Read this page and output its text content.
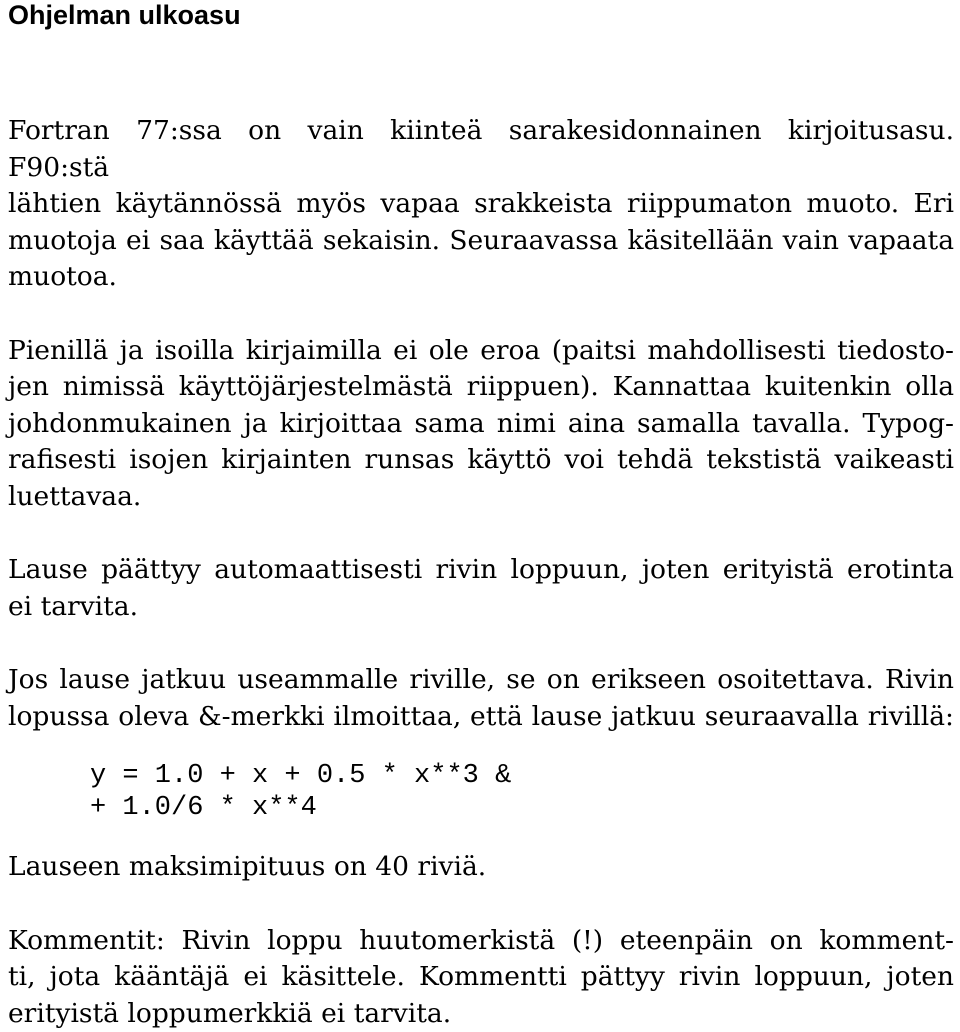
Ohjelman ulkoasu

Fortran 77:ssa on vain kiinteä sarakesidonnainen kirjoitusasu. F90:stä
lähtien käytännössä myös vapaa srakkeista riippumaton muoto. Eri
muotoja ei saa käyttää sekaisin. Seuraavassa käsitellään vain vapaata
muotoa.

Pienillä ja isoilla kirjaimilla ei ole eroa (paitsi mahdollisesti tiedosto-
jen nimissä käyttöjärjestelmästä riippuen). Kannattaa kuitenkin olla
johdonmukainen ja kirjoittaa sama nimi aina samalla tavalla. Typog-
rafisesti isojen kirjainten runsas käyttö voi tehdä tekstistä vaikeasti
luettavaa.

Lause päättyy automaattisesti rivin loppuun, joten erityistä erotinta
ei tarvita.

Jos lause jatkuu useammalle riville, se on erikseen osoitettava. Rivin
lopussa oleva &-merkki ilmoittaa, että lause jatkuu seuraavalla rivillä:

y = 1.0 + x + 0.5 * x**3 &
+ 1.0/6 * x**4

Lauseen maksimipituus on 40 riviä.

Kommentit: Rivin loppu huutomerkistä (!) eteenpäin on komment-
ti, jota kääntäjä ei käsittele. Kommentti pättyy rivin loppuun, joten
erityistä loppumerkkiä ei tarvita.
